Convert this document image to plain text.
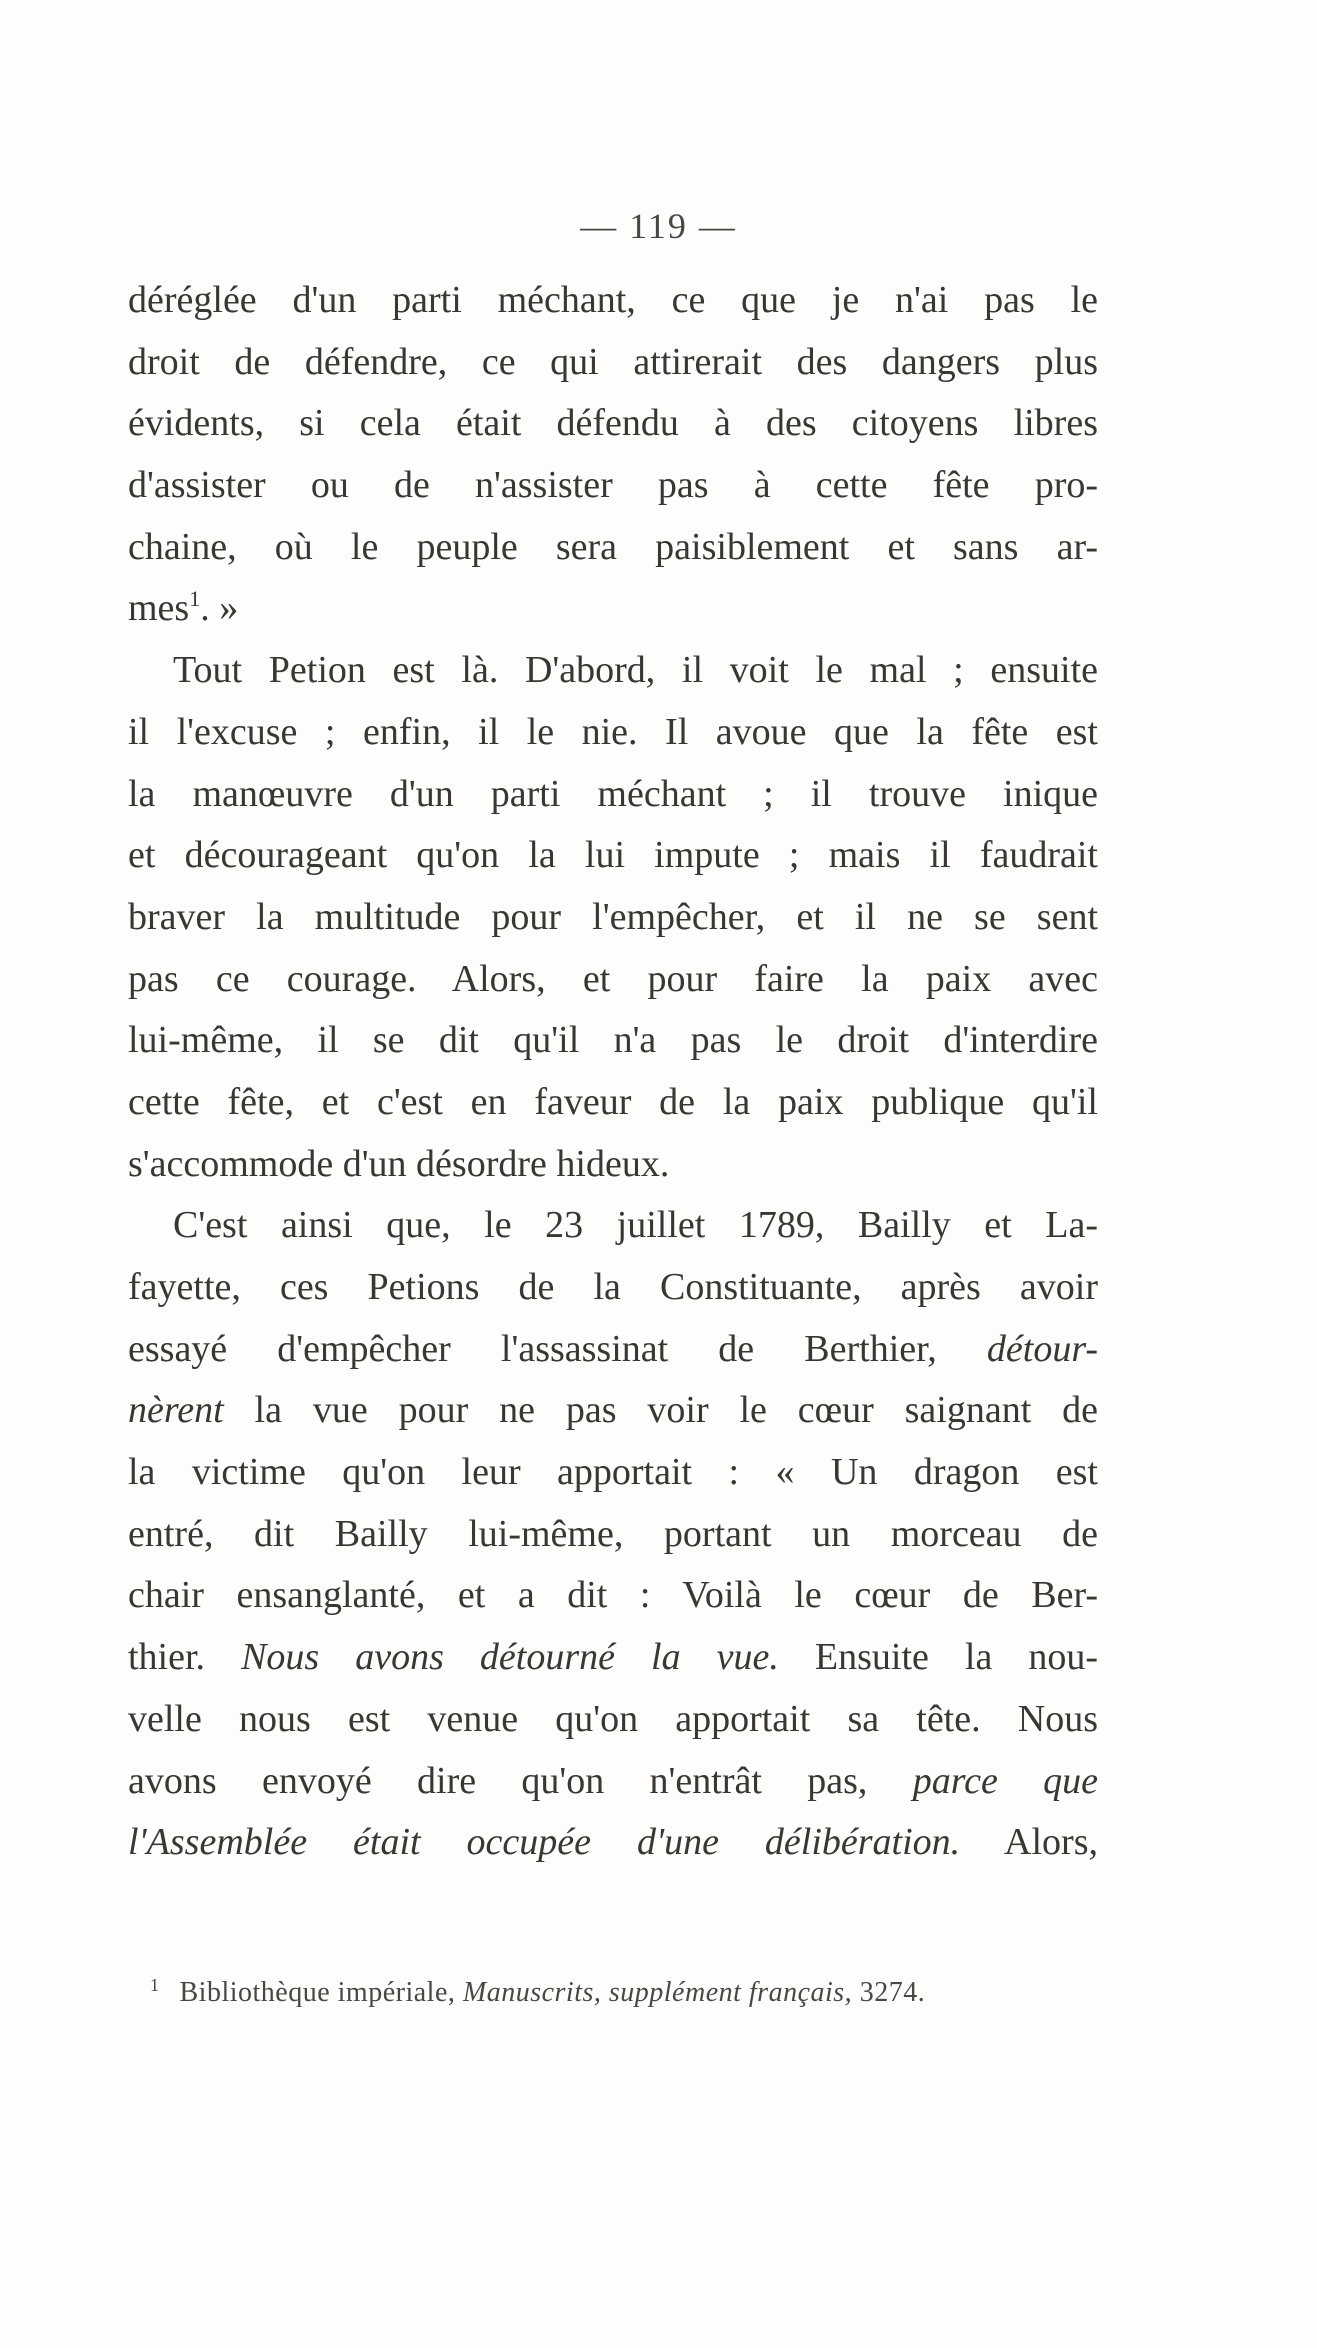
— 119 —
déréglée d'un parti méchant, ce que je n'ai pas le
droit de défendre, ce qui attirerait des dangers plus
évidents, si cela était défendu à des citoyens libres
d'assister ou de n'assister pas à cette fête pro-
chaine, où le peuple sera paisiblement et sans ar-
mes$^1$. »
Tout Petion est là. D'abord, il voit le mal ; ensuite
il l'excuse ; enfin, il le nie. Il avoue que la fête est
la manœuvre d'un parti méchant ; il trouve inique
et décourageant qu'on la lui impute ; mais il faudrait
braver la multitude pour l'empêcher, et il ne se sent
pas ce courage. Alors, et pour faire la paix avec
lui-même, il se dit qu'il n'a pas le droit d'interdire
cette fête, et c'est en faveur de la paix publique qu'il
s'accommode d'un désordre hideux.
C'est ainsi que, le 23 juillet 1789, Bailly et La-
fayette, ces Petions de la Constituante, après avoir
essayé d'empêcher l'assassinat de Berthier, détour-
nèrent la vue pour ne pas voir le cœur saignant de
la victime qu'on leur apportait : « Un dragon est
entré, dit Bailly lui-même, portant un morceau de
chair ensanglanté, et a dit : Voilà le cœur de Ber-
thier. Nous avons détourné la vue. Ensuite la nou-
velle nous est venue qu'on apportait sa tête. Nous
avons envoyé dire qu'on n'entrât pas, parce que
l'Assemblée était occupée d'une délibération. Alors,
$^1$ Bibliothèque impériale, Manuscrits, supplément français, 3274.
